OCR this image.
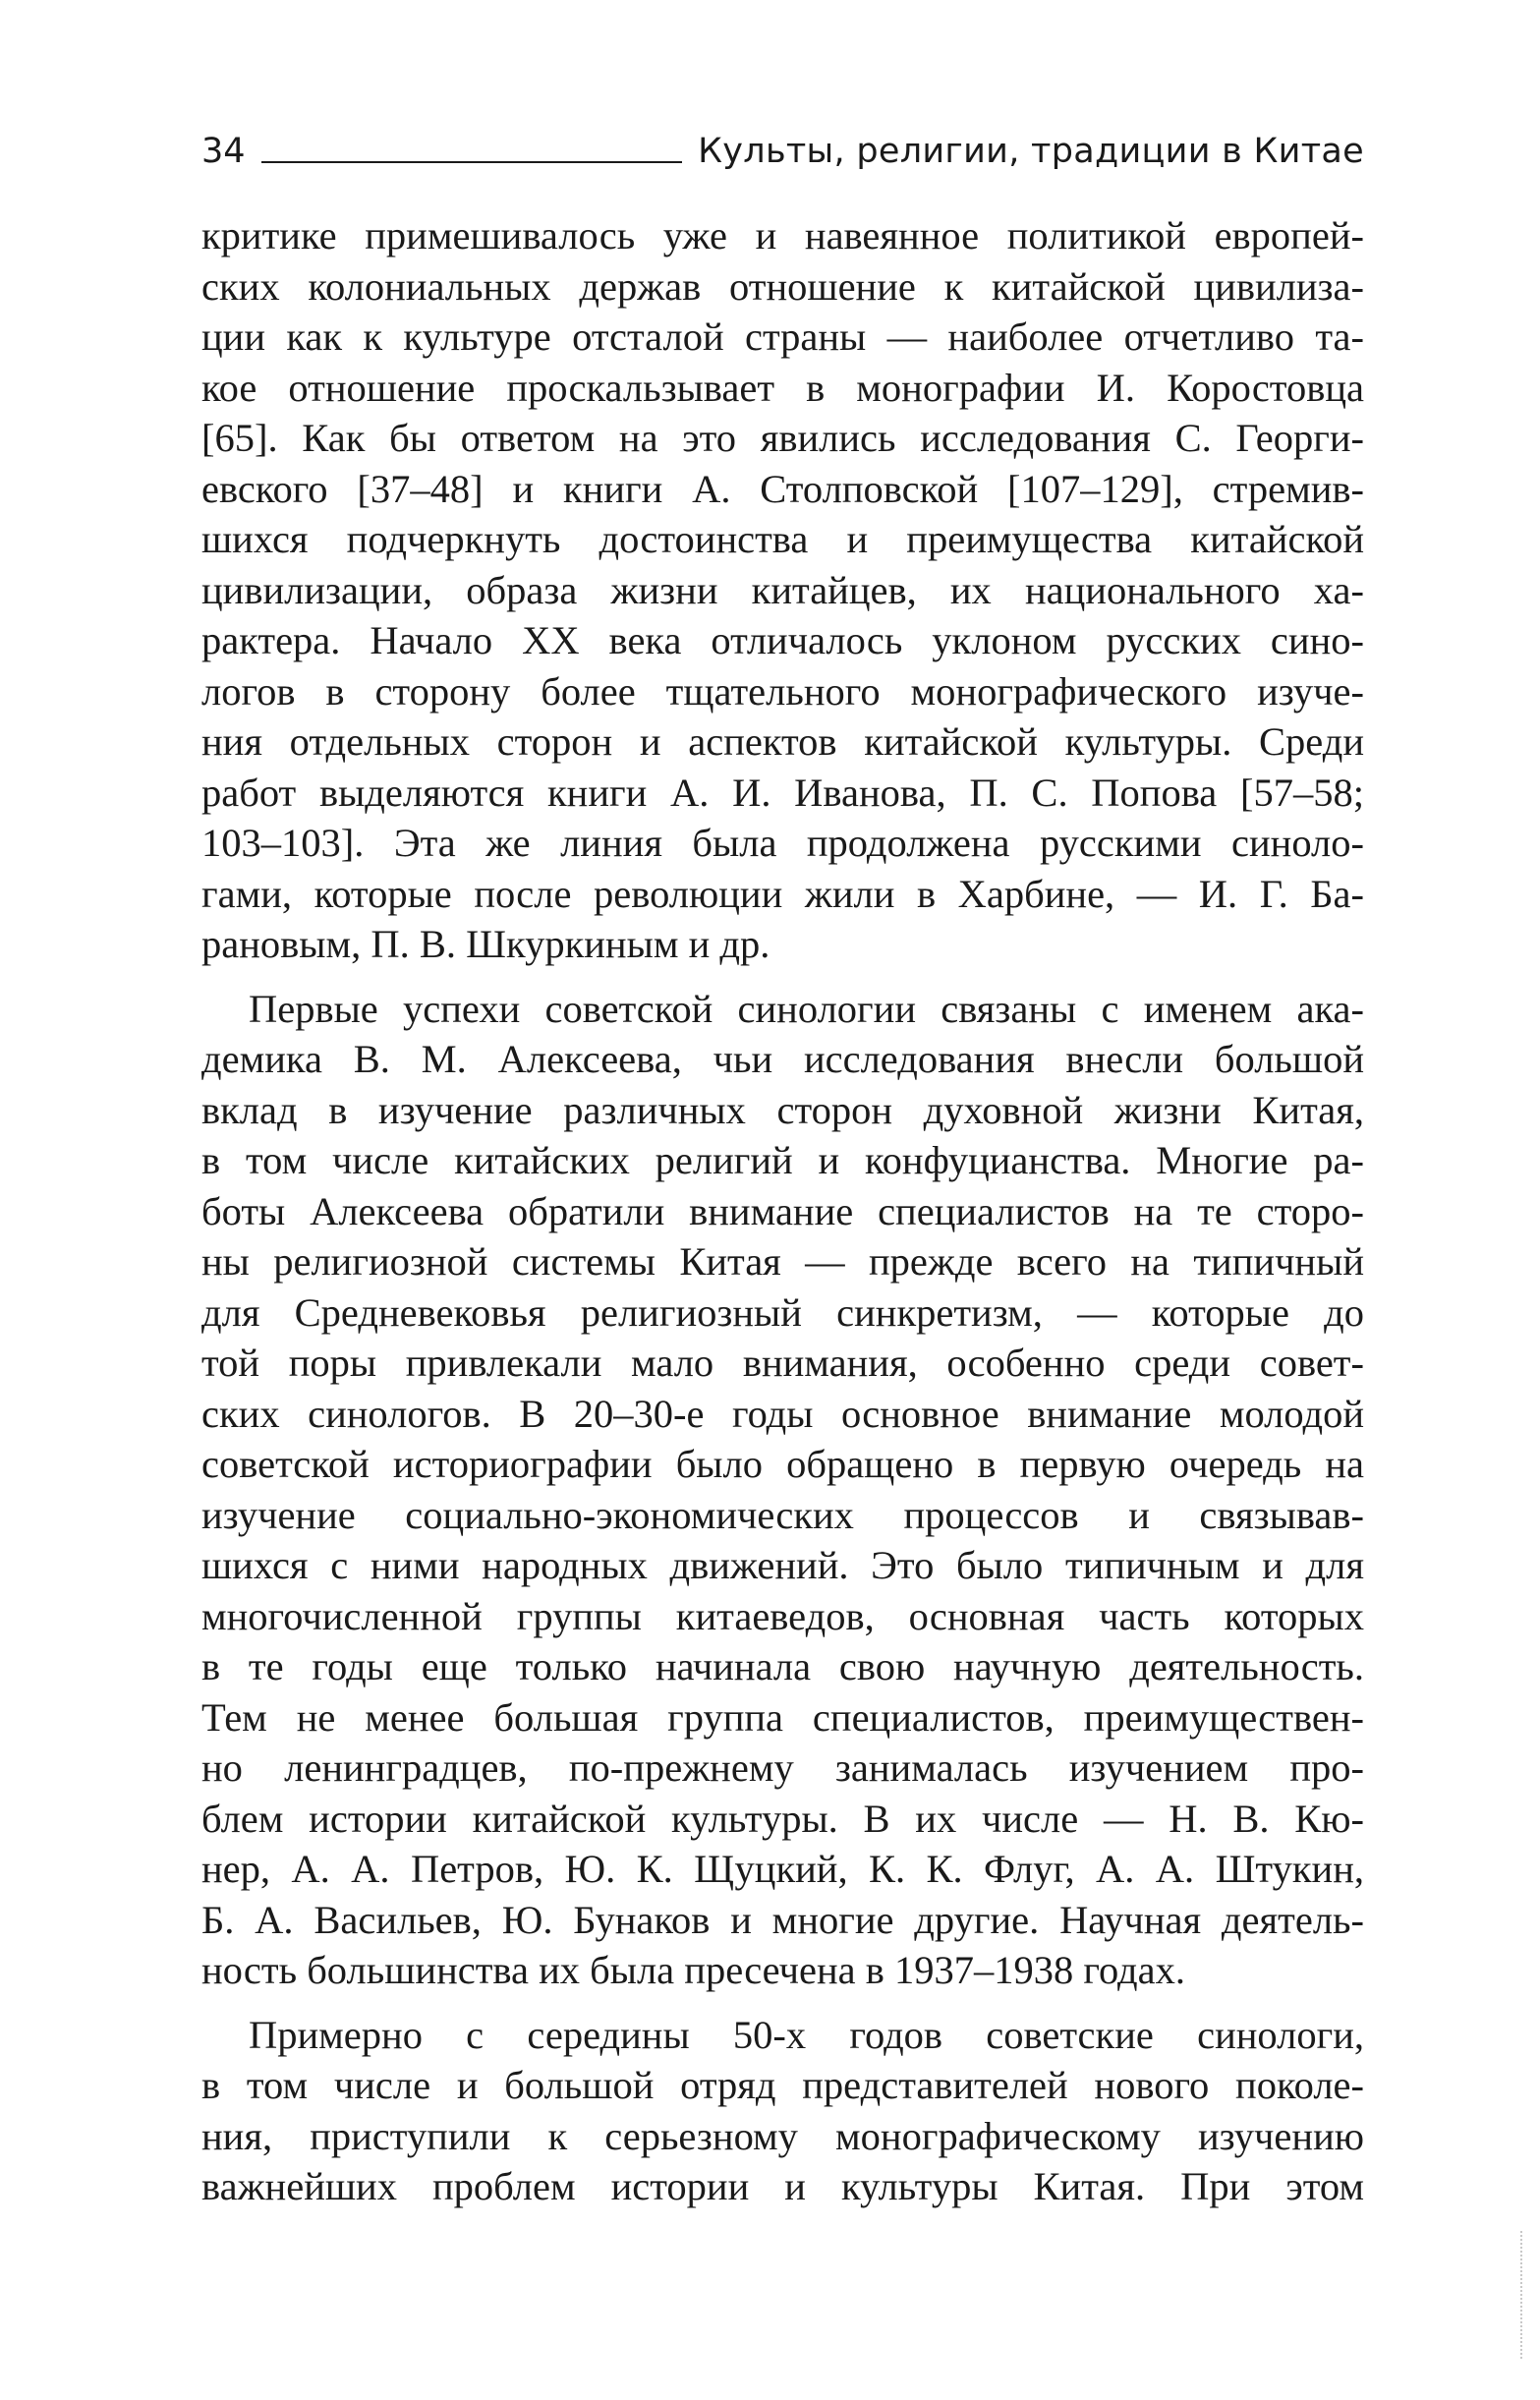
34	Культы, религии, традиции в Китае
критике примешивалось уже и навеянное политикой европей-
ских колониальных держав отношение к китайской цивилиза-
ции как к культуре отсталой страны — наиболее отчетливо та-
кое отношение проскальзывает в монографии И. Коростовца
[65]. Как бы ответом на это явились исследования С. Георги-
евского [37–48] и книги А. Столповской [107–129], стремив-
шихся подчеркнуть достоинства и преимущества китайской
цивилизации, образа жизни китайцев, их национального ха-
рактера. Начало XX века отличалось уклоном русских сино-
логов в сторону более тщательного монографического изуче-
ния отдельных сторон и аспектов китайской культуры. Среди
работ выделяются книги А. И. Иванова, П. С. Попова [57–58;
103–103]. Эта же линия была продолжена русскими синоло-
гами, которые после революции жили в Харбине, — И. Г. Ба-
рановым, П. В. Шкуркиным и др.
Первые успехи советской синологии связаны с именем ака-
демика В. М. Алексеева, чьи исследования внесли большой
вклад в изучение различных сторон духовной жизни Китая,
в том числе китайских религий и конфуцианства. Многие ра-
боты Алексеева обратили внимание специалистов на те сторо-
ны религиозной системы Китая — прежде всего на типичный
для Средневековья религиозный синкретизм, — которые до
той поры привлекали мало внимания, особенно среди совет-
ских синологов. В 20–30-е годы основное внимание молодой
советской историографии было обращено в первую очередь на
изучение социально-экономических процессов и связывав-
шихся с ними народных движений. Это было типичным и для
многочисленной группы китаеведов, основная часть которых
в те годы еще только начинала свою научную деятельность.
Тем не менее большая группа специалистов, преимуществен-
но ленинградцев, по-прежнему занималась изучением про-
блем истории китайской культуры. В их числе — Н. В. Кю-
нер, А. А. Петров, Ю. К. Щуцкий, К. К. Флуг, А. А. Штукин,
Б. А. Васильев, Ю. Бунаков и многие другие. Научная деятель-
ность большинства их была пресечена в 1937–1938 годах.
Примерно с середины 50-х годов советские синологи,
в том числе и большой отряд представителей нового поколе-
ния, приступили к серьезному монографическому изучению
важнейших проблем истории и культуры Китая. При этом
